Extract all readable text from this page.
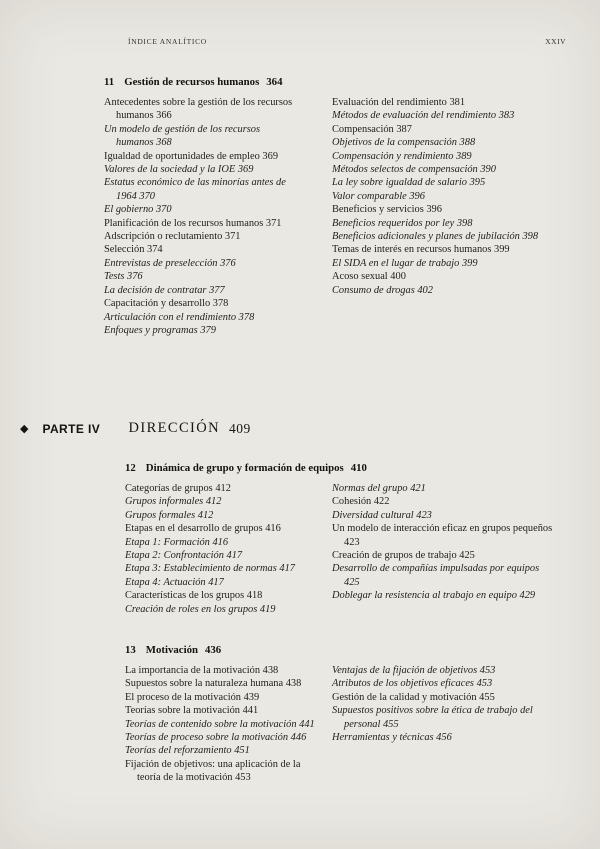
ÍNDICE ANALÍTICO	XXIV
11 Gestión de recursos humanos 364
Antecedentes sobre la gestión de los recursos humanos 366
Un modelo de gestión de los recursos humanos 368
Igualdad de oportunidades de empleo 369
Valores de la sociedad y la IOE 369
Estatus económico de las minorías antes de 1964 370
El gobierno 370
Planificación de los recursos humanos 371
Adscripción o reclutamiento 371
Selección 374
Entrevistas de preselección 376
Tests 376
La decisión de contratar 377
Capacitación y desarrollo 378
Articulación con el rendimiento 378
Enfoques y programas 379
Evaluación del rendimiento 381
Métodos de evaluación del rendimiento 383
Compensación 387
Objetivos de la compensación 388
Compensación y rendimiento 389
Métodos selectos de compensación 390
La ley sobre igualdad de salario 395
Valor comparable 396
Beneficios y servicios 396
Beneficios requeridos por ley 398
Beneficios adicionales y planes de jubilación 398
Temas de interés en recursos humanos 399
El SIDA en el lugar de trabajo 399
Acoso sexual 400
Consumo de drogas 402
◆ PARTE IV	DIRECCIÓN 409
12 Dinámica de grupo y formación de equipos 410
Categorías de grupos 412
Grupos informales 412
Grupos formales 412
Etapas en el desarrollo de grupos 416
Etapa 1: Formación 416
Etapa 2: Confrontación 417
Etapa 3: Establecimiento de normas 417
Etapa 4: Actuación 417
Características de los grupos 418
Creación de roles en los grupos 419
Normas del grupo 421
Cohesión 422
Diversidad cultural 423
Un modelo de interacción eficaz en grupos pequeños 423
Creación de grupos de trabajo 425
Desarrollo de compañías impulsadas por equipos 425
Doblegar la resistencia al trabajo en equipo 429
13 Motivación 436
La importancia de la motivación 438
Supuestos sobre la naturaleza humana 438
El proceso de la motivación 439
Teorías sobre la motivación 441
Teorías de contenido sobre la motivación 441
Teorías de proceso sobre la motivación 446
Teorías del reforzamiento 451
Fijación de objetivos: una aplicación de la teoría de la motivación 453
Ventajas de la fijación de objetivos 453
Atributos de los objetivos eficaces 453
Gestión de la calidad y motivación 455
Supuestos positivos sobre la ética de trabajo del personal 455
Herramientas y técnicas 456
